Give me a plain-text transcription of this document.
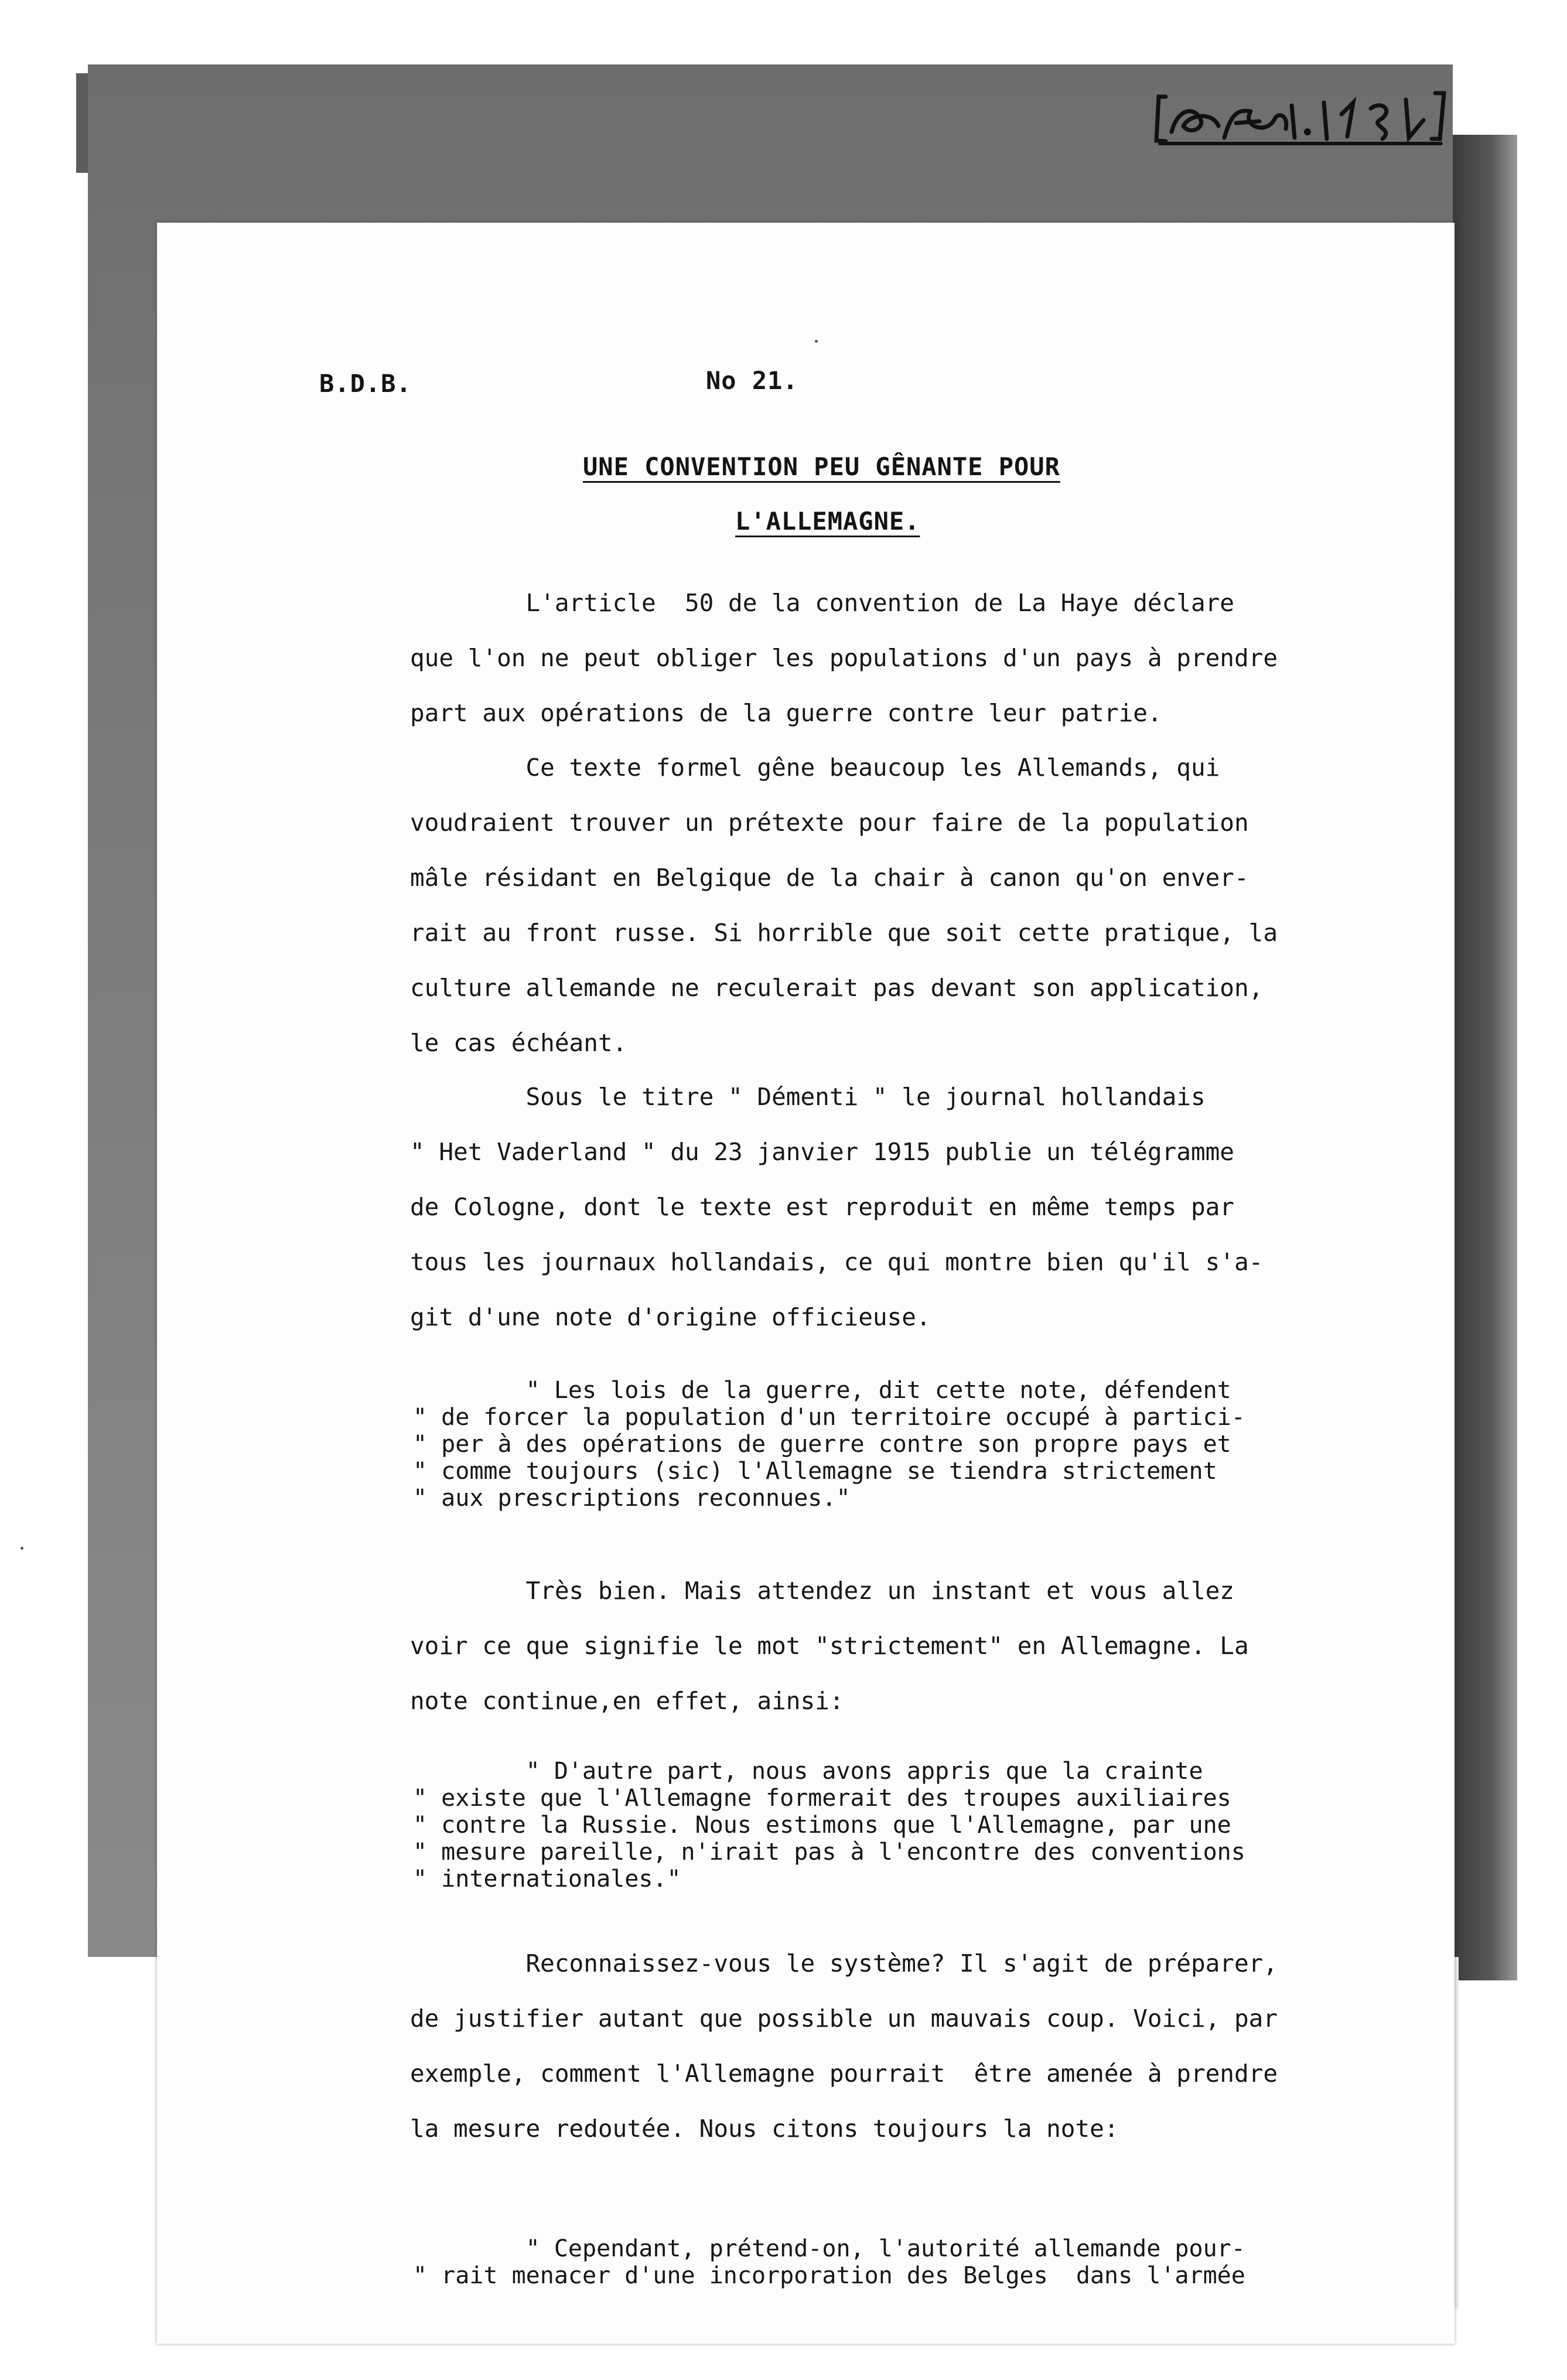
B.D.B.	No 21.
UNE CONVENTION PEU GÊNANTE POUR
L'ALLEMAGNE.

L'article  50 de la convention de La Haye déclare
que l'on ne peut obliger les populations d'un pays à prendre
part aux opérations de la guerre contre leur patrie.

Ce texte formel gêne beaucoup les Allemands, qui
voudraient trouver un prétexte pour faire de la population
mâle résidant en Belgique de la chair à canon qu'on enver-
rait au front russe. Si horrible que soit cette pratique, la
culture allemande ne reculerait pas devant son application,
le cas échéant.

Sous le titre " Démenti " le journal hollandais
" Het Vaderland " du 23 janvier 1915 publie un télégramme
de Cologne, dont le texte est reproduit en même temps par
tous les journaux hollandais, ce qui montre bien qu'il s'a-
git d'une note d'origine officieuse.

" Les lois de la guerre, dit cette note, défendent
" de forcer la population d'un territoire occupé à partici-
" per à des opérations de guerre contre son propre pays et
" comme toujours (sic) l'Allemagne se tiendra strictement
" aux prescriptions reconnues."

Très bien. Mais attendez un instant et vous allez
voir ce que signifie le mot "strictement" en Allemagne. La
note continue,en effet, ainsi:

" D'autre part, nous avons appris que la crainte
" existe que l'Allemagne formerait des troupes auxiliaires
" contre la Russie. Nous estimons que l'Allemagne, par une
" mesure pareille, n'irait pas à l'encontre des conventions
" internationales."

Reconnaissez-vous le système? Il s'agit de préparer,
de justifier autant que possible un mauvais coup. Voici, par
exemple, comment l'Allemagne pourrait  être amenée à prendre
la mesure redoutée. Nous citons toujours la note:

" Cependant, prétend-on, l'autorité allemande pour-
" rait menacer d'une incorporation des Belges  dans l'armée
